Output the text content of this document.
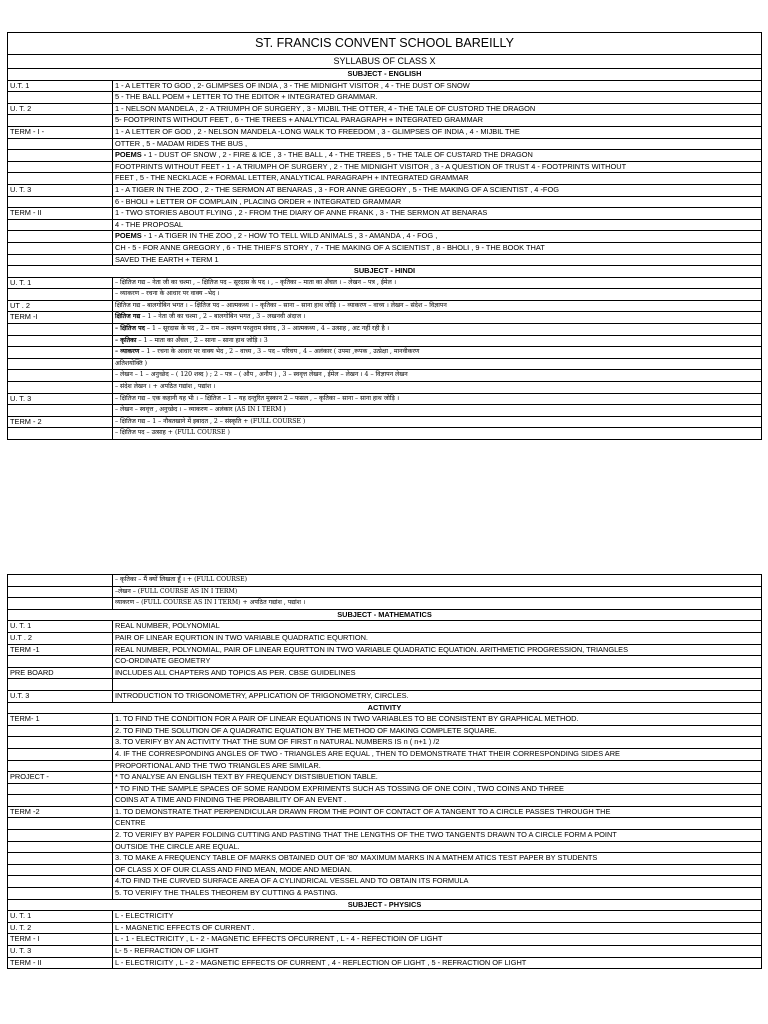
ST. FRANCIS CONVENT SCHOOL BAREILLY	
SYLLABUS OF CLASS X	
SUBJECT - ENGLISH	
U.T. 1	1 - A LETTER TO GOD , 2- GLIMPSES OF INDIA , 3 - THE MIDNIGHT VISITOR , 4 - THE DUST OF SNOW
	5 - THE BALL POEM + LETTER TO THE EDITOR + INTEGRATED GRAMMAR.
U. T. 2	1 - NELSON MANDELA , 2 - A TRIUMPH OF SURGERY , 3 - MIJBIL THE OTTER, 4 - THE TALE OF CUSTORD THE DRAGON
	5- FOOTPRINTS WITHOUT FEET , 6 - THE TREES + ANALYTICAL PARAGRAPH + INTEGRATED GRAMMAR
TERM - I -	1 - A LETTER OF GOD , 2 - NELSON MANDELA -LONG WALK TO FREEDOM , 3 - GLIMPSES OF INDIA , 4 - MIJBIL THE
	OTTER , 5 - MADAM RIDES THE BUS ,
	POEMS - 1 - DUST OF SNOW , 2 - FIRE & ICE , 3 - THE BALL , 4 - THE TREES , 5 - THE TALE OF CUSTARD THE DRAGON
	FOOTPRINTS WITHOUT FEET - 1 - A TRIUMPH OF SURGERY , 2 - THE MIDNIGHT VISITOR , 3 - A QUESTION OF TRUST 4 - FOOTPRINTS WITHOUT
	FEET , 5 - THE NECKLACE + FORMAL LETTER, ANALYTICAL PARAGRAPH + INTEGRATED GRAMMAR
U. T. 3	1 - A TIGER IN THE ZOO , 2 - THE SERMON AT BENARAS , 3 - FOR ANNE GREGORY , 5 - THE MAKING OF A SCIENTIST , 4 -FOG
	6 - BHOLI + LETTER OF COMPLAIN , PLACING ORDER + INTEGRATED GRAMMAR
TERM - II	1 - TWO STORIES ABOUT FLYING , 2 - FROM THE DIARY OF ANNE FRANK , 3 - THE SERMON AT BENARAS
	4 - THE PROPOSAL
	POEMS - 1 - A TIGER IN THE ZOO , 2 - HOW TO TELL WILD ANIMALS , 3 - AMANDA , 4 - FOG ,
	CH - 5 - FOR ANNE GREGORY , 6 - THE THIEF'S STORY , 7 - THE MAKING OF A SCIENTIST , 8 - BHOLI , 9 - THE BOOK THAT
	SAVED THE EARTH + TERM 1
SUBJECT - HINDI	
U. T. 1	– क्षितिज गद्य – नेता जी का चश्मा , – क्षितिज पद – सूरदास के पद । , – कृतिका – माता का अँचल । – लेखन – पत्र , ईमेल ।
	– व्याकरण – रचना के आधार पर वाक्य –भेद ।
UT . 2	क्षितिज गद्य – बालगोबिन भगत । – क्षितिज पद – आत्मकथ्य । – कृतिका – साना – साना हाथ जोड़ि । – व्याकरण – वाच्य । लेखन – संदेश – विज्ञापन
TERM -I	क्षितिज गद्य – 1 – नेता जी का चश्मा , 2 – बालगोबिन भगत , 3 – लखनवी अंदाज ।
	– क्षितिज पद – 1 – सूरदास के पद , 2 – राम – लक्ष्मण परशुराम संवाद , 3 – आत्मकथ्य , 4 – उत्साह , अट नहीं रही है ।
	– कृतिका – 1 – माता का अँचल , 2 – साना – साना हाथ जोड़ि । 3
	– व्याकरण – 1 – रचना के आधार पर वाक्य भेद , 2 – वाच्य , 3 – पद – परिचय , 4 – अलंकार ( उपमा ,रूपक , उत्प्रेक्षा , मानवीकरण
	अतिशयोक्ति )
	– लेखन – 1 – अनुच्छेद – ( 120 शब्द ) ; 2 – पत्र – ( औप , अनौप ) , 3 – स्ववृत्त लेखन , ईमेल – लेखन । 4 – विज्ञापन लेखन
	– संदेश लेखन । + अपठित गद्यांश , पद्यांश ।
U. T. 3	– क्षितिज गद्य – एक कहानी यह भी । – क्षितिज – 1 – यह दन्तुरित मुस्कान 2 – फसल , – कृतिका – साना – साना हाथ जोड़ि ।
	– लेखन – स्ववृत्त , अनुच्छेद । – व्याकरण – अलंकार (AS IN I TERM )
TERM - 2	– क्षितिज गद्य – 1 – नौबतखाने में इबादत , 2 – संस्कृति + (FULL COURSE )
	– क्षितिज पद – उत्साह + (FULL COURSE )
	– कृतिका – मैं क्यों लिखता हूँ । + (FULL COURSE)
	–लेखन – (FULL COURSE AS IN I TERM)
	व्याकरण – (FULL COURSE AS IN I TERM) + अपठित गद्यांश , पद्यांश ।
SUBJECT - MATHEMATICS	
U. T. 1	REAL NUMBER, POLYNOMIAL
U.T . 2	PAIR OF LINEAR EQURTION IN TWO VARIABLE QUADRATIC EQURTION.
TERM -1	REAL NUMBER, POLYNOMIAL, PAIR OF LINEAR EQURTTON IN TWO VARIABLE QUADRATIC EQUATION. ARITHMETIC PROGRESSION, TRIANGLES
	CO-ORDINATE GEOMETRY
PRE BOARD	INCLUDES ALL CHAPTERS AND TOPICS AS PER. CBSE GUIDELINES

U.T. 3	INTRODUCTION TO TRIGONOMETRY, APPLICATION OF TRIGONOMETRY, CIRCLES.
ACTIVITY	
TERM- 1	1. TO FIND THE CONDITION FOR A PAIR OF LINEAR EQUATIONS IN TWO VARIABLES TO BE CONSISTENT BY GRAPHICAL METHOD.
	2. TO FIND THE SOLUTION OF A QUADRATIC EQUATION BY THE METHOD OF MAKING COMPLETE SQUARE.
	3. TO VERIFY BY AN ACTIVITY THAT THE SUM OF FIRST n NATURAL NUMBERS IS n ( n+1 ) /2
	4. IF THE CORRESPONDING ANGLES OF TWO - TRIANGLES ARE EQUAL , THEN TO DEMONSTRATE THAT THEIR CORRESPONDING SIDES ARE
	PROPORTIONAL AND THE TWO TRIANGLES ARE SIMILAR.
PROJECT -	* TO ANALYSE AN ENGLISH TEXT BY FREQUENCY DISTSIBUETION TABLE.
	* TO FIND THE SAMPLE SPACES OF SOME RANDOM EXPRIMENTS SUCH AS TOSSING OF ONE COIN , TWO COINS AND THREE
	COINS AT A TIME AND FINDING THE PROBABILITY OF AN EVENT .
TERM -2	1. TO DEMONSTRATE THAT PERPENDICULAR DRAWN FROM THE POINT OF CONTACT OF A TANGENT TO A CIRCLE PASSES THROUGH THE
	CENTRE
	2. TO VERIFY BY PAPER FOLDING CUTTING AND PASTING THAT THE LENGTHS OF THE TWO TANGENTS DRAWN TO A CIRCLE FORM A POINT
	OUTSIDE THE CIRCLE ARE EQUAL.
	3. TO MAKE A FREQUENCY TABLE OF MARKS OBTAINED OUT OF '80' MAXIMUM MARKS IN A MATHEM ATICS TEST PAPER BY STUDENTS
	OF CLASS X OF OUR CLASS AND FIND MEAN, MODE AND MEDIAN.
	4.TO FIND THE CURVED SURFACE AREA OF A CYLINDRICAL VESSEL AND TO OBTAIN ITS FORMULA
	5. TO VERIFY THE THALES THEOREM BY CUTTING & PASTING.
SUBJECT - PHYSICS	
U. T. 1	L - ELECTRICITY
U. T. 2	L - MAGNETIC EFFECTS OF CURRENT .
TERM - I	L - 1 - ELECTRICITY , L - 2 - MAGNETIC EFFECTS OFCURRENT , L - 4 - REFECTIOIN OF LIGHT
U. T. 3	L- 5 - REFRACTION OF LIGHT
TERM - II	L - ELECTRICITY , L - 2 - MAGNETIC EFFECTS OF CURRENT , 4 - REFLECTION OF LIGHT , 5 - REFRACTION OF LIGHT
